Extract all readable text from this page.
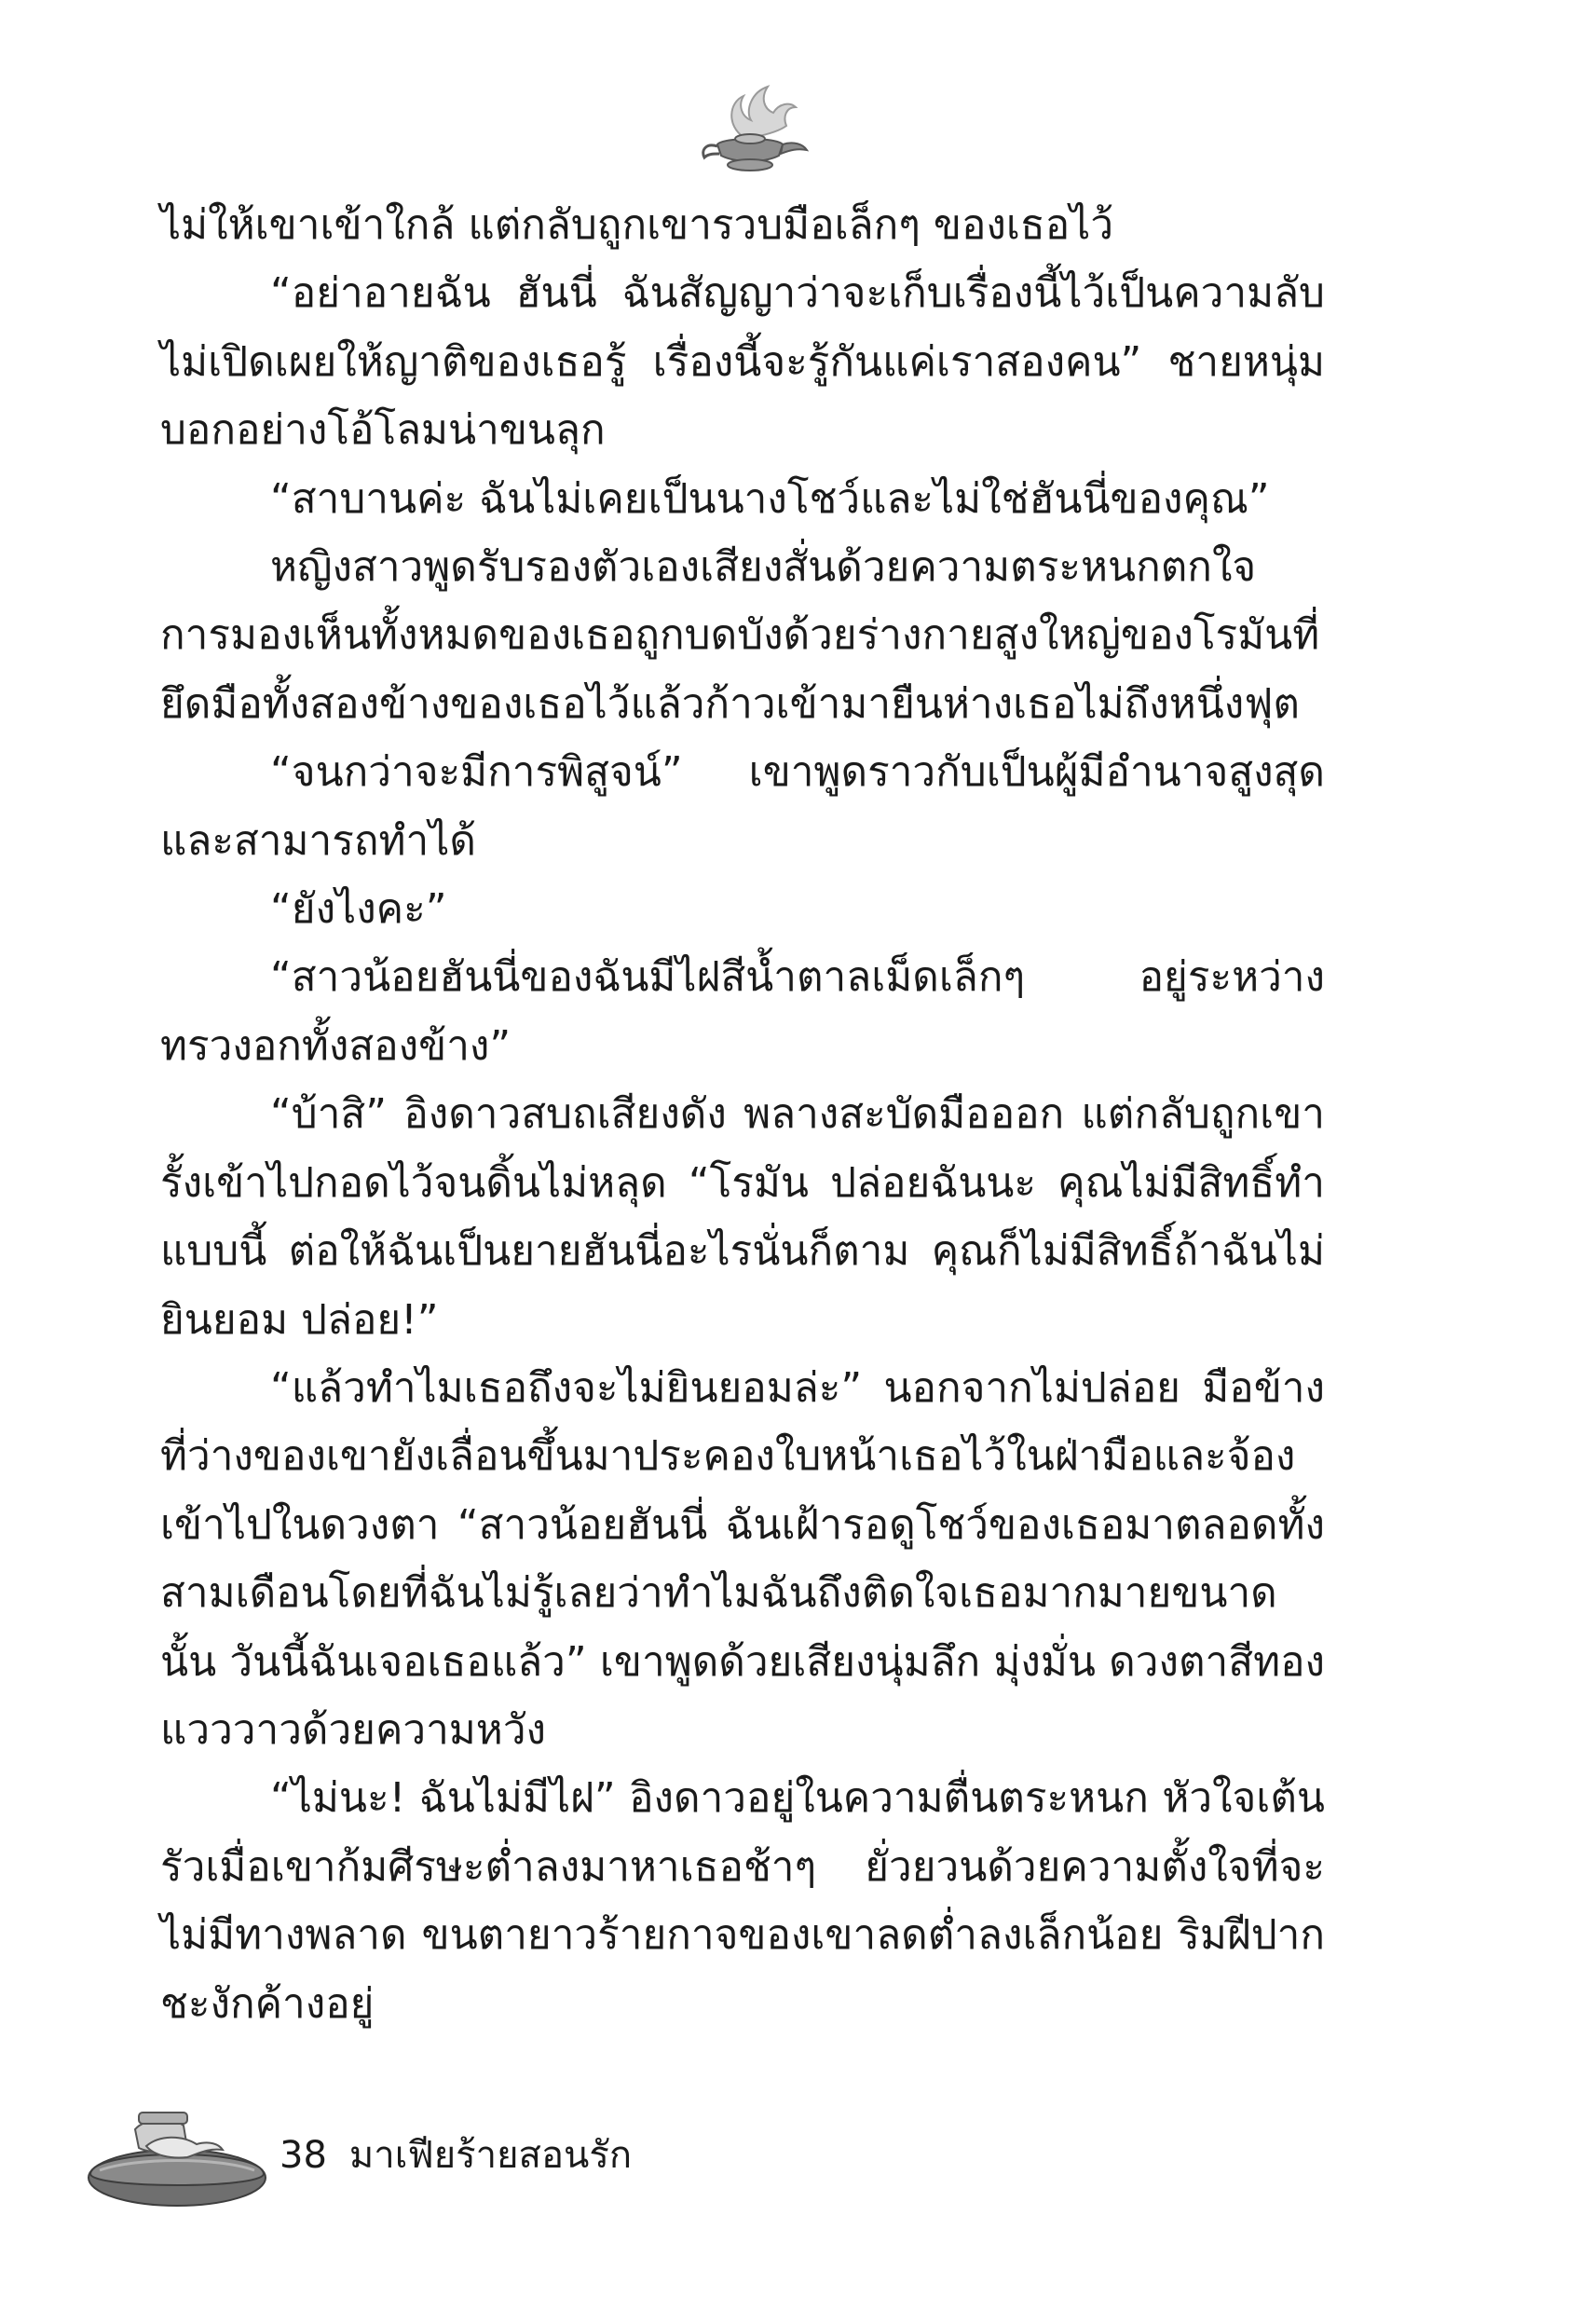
ไม่ให้เขาเข้าใกล้ แต่กลับถูกเขารวบมือเล็กๆ ของเธอไว้

“อย่าอายฉัน ฮันนี่ ฉันสัญญาว่าจะเก็บเรื่องนี้ไว้เป็นความลับไม่เปิดเผยให้ญาติของเธอรู้ เรื่องนี้จะรู้กันแค่เราสองคน” ชายหนุ่มบอกอย่างโอ้โลมน่าขนลุก

“สาบานค่ะ ฉันไม่เคยเป็นนางโชว์และไม่ใช่ฮันนี่ของคุณ”

หญิงสาวพูดรับรองตัวเองเสียงสั่นด้วยความตระหนกตกใจ การมองเห็นทั้งหมดของเธอถูกบดบังด้วยร่างกายสูงใหญ่ของโรมันที่ยึดมือทั้งสองข้างของเธอไว้แล้วก้าวเข้ามายืนห่างเธอไม่ถึงหนึ่งฟุต

“จนกว่าจะมีการพิสูจน์” เขาพูดราวกับเป็นผู้มีอำนาจสูงสุดและสามารถทำได้

“ยังไงคะ”

“สาวน้อยฮันนี่ของฉันมีไฝสีน้ำตาลเม็ดเล็กๆ อยู่ระหว่างทรวงอกทั้งสองข้าง”

“บ้าสิ” อิงดาวสบถเสียงดัง พลางสะบัดมือออก แต่กลับถูกเขารั้งเข้าไปกอดไว้จนดิ้นไม่หลุด “โรมัน ปล่อยฉันนะ คุณไม่มีสิทธิ์ทำแบบนี้ ต่อให้ฉันเป็นยายฮันนี่อะไรนั่นก็ตาม คุณก็ไม่มีสิทธิ์ถ้าฉันไม่ยินยอม ปล่อย!”

“แล้วทำไมเธอถึงจะไม่ยินยอมล่ะ” นอกจากไม่ปล่อย มือข้างที่ว่างของเขายังเลื่อนขึ้นมาประคองใบหน้าเธอไว้ในฝ่ามือและจ้องเข้าไปในดวงตา “สาวน้อยฮันนี่ ฉันเฝ้ารอดูโชว์ของเธอมาตลอดทั้งสามเดือนโดยที่ฉันไม่รู้เลยว่าทำไมฉันถึงติดใจเธอมากมายขนาดนั้น วันนี้ฉันเจอเธอแล้ว” เขาพูดด้วยเสียงนุ่มลึก มุ่งมั่น ดวงตาสีทองแวววาวด้วยความหวัง

“ไม่นะ! ฉันไม่มีไฝ” อิงดาวอยู่ในความตื่นตระหนก หัวใจเต้นรัวเมื่อเขาก้มศีรษะต่ำลงมาหาเธอช้าๆ ยั่วยวนด้วยความตั้งใจที่จะไม่มีทางพลาด ขนตายาวร้ายกาจของเขาลดต่ำลงเล็กน้อย ริมฝีปากชะงักค้างอยู่

38 มาเฟียร้ายสอนรัก
